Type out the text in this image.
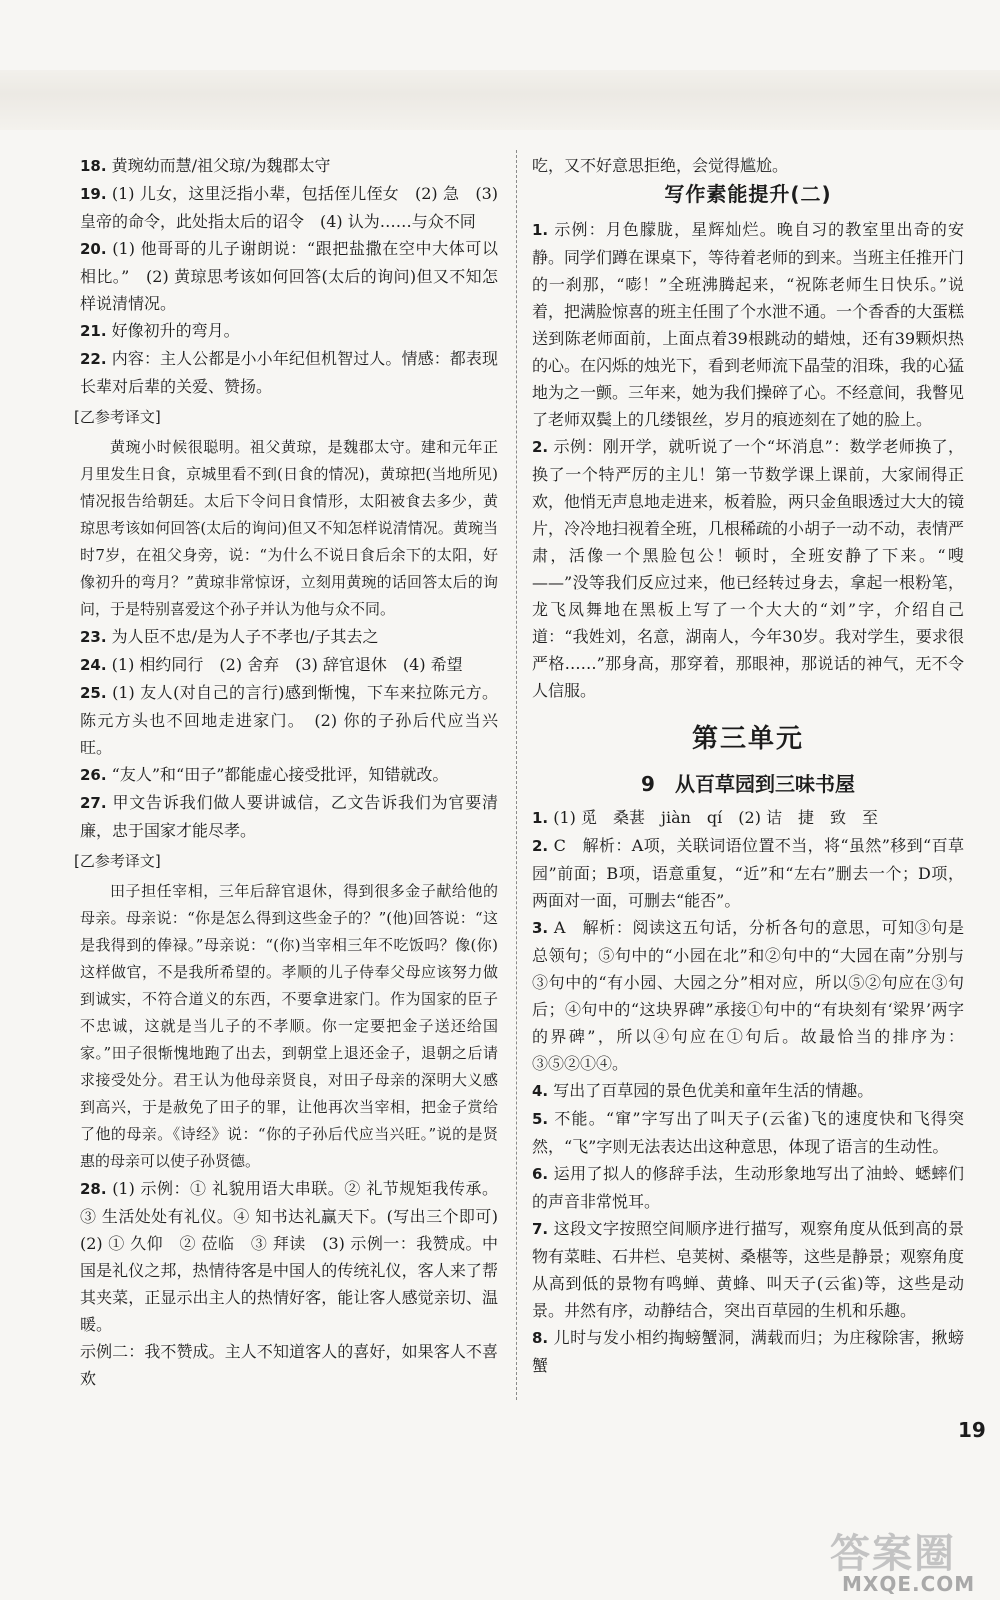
18. 黄琬幼而慧/祖父琼/为魏郡太守

19. (1) 儿女，这里泛指小辈，包括侄儿侄女　(2) 急　(3) 皇帝的命令，此处指太后的诏令　(4) 认为……与众不同

20. (1) 他哥哥的儿子谢朗说：“跟把盐撒在空中大体可以相比。”　(2) 黄琼思考该如何回答(太后的询问)但又不知怎样说清情况。

21. 好像初升的弯月。

22. 内容：主人公都是小小年纪但机智过人。情感：都表现长辈对后辈的关爱、赞扬。

[乙参考译文]

黄琬小时候很聪明。祖父黄琼，是魏郡太守。建和元年正月里发生日食，京城里看不到(日食的情况)，黄琼把(当地所见)情况报告给朝廷。太后下令问日食情形，太阳被食去多少，黄琼思考该如何回答(太后的询问)但又不知怎样说清情况。黄琬当时7岁，在祖父身旁，说：“为什么不说日食后余下的太阳，好像初升的弯月？”黄琼非常惊讶，立刻用黄琬的话回答太后的询问，于是特别喜爱这个孙子并认为他与众不同。

23. 为人臣不忠/是为人子不孝也/子其去之

24. (1) 相约同行　(2) 舍弃　(3) 辞官退休　(4) 希望

25. (1) 友人(对自己的言行)感到惭愧，下车来拉陈元方。陈元方头也不回地走进家门。　(2) 你的子孙后代应当兴旺。

26. “友人”和“田子”都能虚心接受批评，知错就改。

27. 甲文告诉我们做人要讲诚信，乙文告诉我们为官要清廉，忠于国家才能尽孝。

[乙参考译文]

田子担任宰相，三年后辞官退休，得到很多金子献给他的母亲。母亲说：“你是怎么得到这些金子的？”(他)回答说：“这是我得到的俸禄。”母亲说：“(你)当宰相三年不吃饭吗？像(你)这样做官，不是我所希望的。孝顺的儿子侍奉父母应该努力做到诚实，不符合道义的东西，不要拿进家门。作为国家的臣子不忠诚，这就是当儿子的不孝顺。你一定要把金子送还给国家。”田子很惭愧地跑了出去，到朝堂上退还金子，退朝之后请求接受处分。君王认为他母亲贤良，对田子母亲的深明大义感到高兴，于是赦免了田子的罪，让他再次当宰相，把金子赏给了他的母亲。《诗经》说：“你的子孙后代应当兴旺。”说的是贤惠的母亲可以使子孙贤德。

28. (1) 示例：① 礼貌用语大串联。② 礼节规矩我传承。③ 生活处处有礼仪。④ 知书达礼赢天下。(写出三个即可)　(2) ① 久仰　② 莅临　③ 拜读　(3) 示例一：我赞成。中国是礼仪之邦，热情待客是中国人的传统礼仪，客人来了帮其夹菜，正显示出主人的热情好客，能让客人感觉亲切、温暖。

示例二：我不赞成。主人不知道客人的喜好，如果客人不喜欢

吃，又不好意思拒绝，会觉得尴尬。

写作素能提升(二)

1. 示例：月色朦胧，星辉灿烂。晚自习的教室里出奇的安静。同学们蹲在课桌下，等待着老师的到来。当班主任推开门的一刹那，“嘭！”全班沸腾起来，“祝陈老师生日快乐。”说着，把满脸惊喜的班主任围了个水泄不通。一个香香的大蛋糕送到陈老师面前，上面点着39根跳动的蜡烛，还有39颗炽热的心。在闪烁的烛光下，看到老师流下晶莹的泪珠，我的心猛地为之一颤。三年来，她为我们操碎了心。不经意间，我瞥见了老师双鬓上的几缕银丝，岁月的痕迹刻在了她的脸上。

2. 示例：刚开学，就听说了一个“坏消息”：数学老师换了，换了一个特严厉的主儿！第一节数学课上课前，大家闹得正欢，他悄无声息地走进来，板着脸，两只金鱼眼透过大大的镜片，冷冷地扫视着全班，几根稀疏的小胡子一动不动，表情严肃，活像一个黑脸包公！顿时，全班安静了下来。“嗖——”没等我们反应过来，他已经转过身去，拿起一根粉笔，龙飞凤舞地在黑板上写了一个大大的“刘”字，介绍自己道：“我姓刘，名意，湖南人，今年30岁。我对学生，要求很严格……”那身高，那穿着，那眼神，那说话的神气，无不令人信服。

第三单元
9　从百草园到三味书屋

1. (1) 觅　桑葚　jiàn　qí　(2) 诘　捷　致　至

2. C　解析：A项，关联词语位置不当，将“虽然”移到“百草园”前面；B项，语意重复，“近”和“左右”删去一个；D项，两面对一面，可删去“能否”。

3. A　解析：阅读这五句话，分析各句的意思，可知③句是总领句；⑤句中的“小园在北”和②句中的“大园在南”分别与③句中的“有小园、大园之分”相对应，所以⑤②句应在③句后；④句中的“这块界碑”承接①句中的“有块刻有‘梁界’两字的界碑”，所以④句应在①句后。故最恰当的排序为：③⑤②①④。

4. 写出了百草园的景色优美和童年生活的情趣。

5. 不能。“窜”字写出了叫天子(云雀)飞的速度快和飞得突然，“飞”字则无法表达出这种意思，体现了语言的生动性。

6. 运用了拟人的修辞手法，生动形象地写出了油蛉、蟋蟀们的声音非常悦耳。

7. 这段文字按照空间顺序进行描写，观察角度从低到高的景物有菜畦、石井栏、皂荚树、桑椹等，这些是静景；观察角度从高到低的景物有鸣蝉、黄蜂、叫天子(云雀)等，这些是动景。井然有序，动静结合，突出百草园的生机和乐趣。

8. 儿时与发小相约掏螃蟹洞，满载而归；为庄稼除害，揪螃蟹

19
答案圈
MXQE.COM
